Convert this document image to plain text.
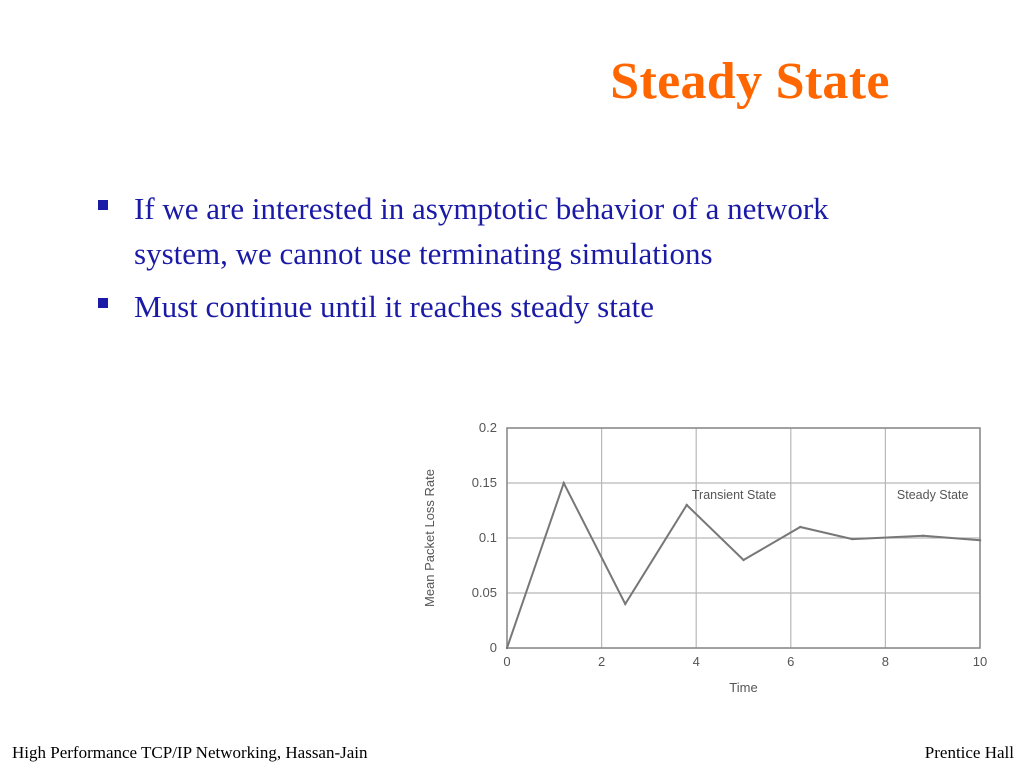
Steady State
If we are interested in asymptotic behavior of a network system, we cannot use terminating simulations
Must continue until it reaches steady state
0	2	4	6	8	10
0
0.05
0.1
0.15
0.2
Transient State	Steady State
Time
Mean Packet Loss Rate
High Performance TCP/IP Networking, Hassan-Jain	Prentice Hall
